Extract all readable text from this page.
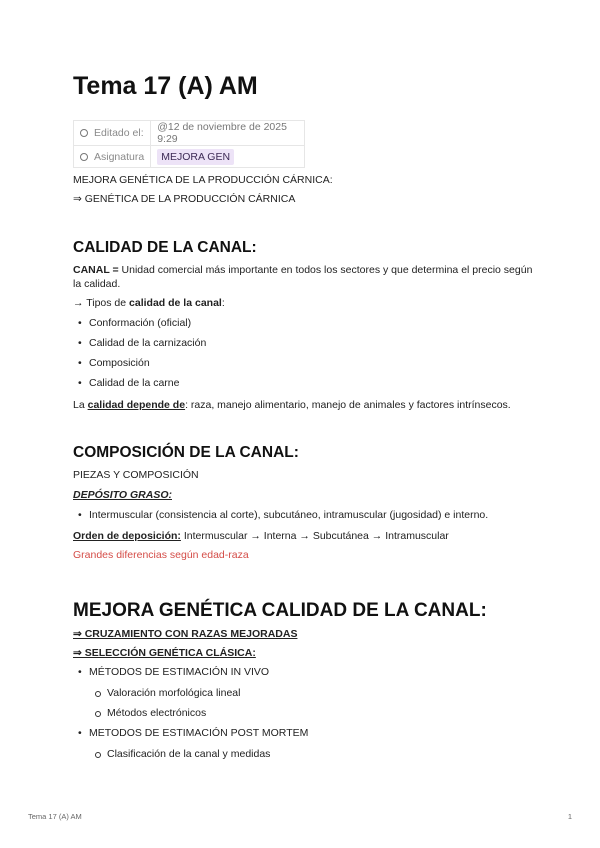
Tema 17 (A) AM
Editado el:	@12 de noviembre de 2025 9:29
Asignatura	MEJORA GEN
MEJORA GENÉTICA DE LA PRODUCCIÓN CÁRNICA:
⇒ GENÉTICA DE LA PRODUCCIÓN CÁRNICA
CALIDAD DE LA CANAL:
CANAL = Unidad comercial más importante en todos los sectores y que determina el precio según
la calidad.
→ Tipos de calidad de la canal:
• Conformación (oficial)
• Calidad de la carnización
• Composición
• Calidad de la carne
La calidad depende de: raza, manejo alimentario, manejo de animales y factores intrínsecos.
COMPOSICIÓN DE LA CANAL:
PIEZAS Y COMPOSICIÓN
DEPÓSITO GRASO:
• Intermuscular (consistencia al corte), subcutáneo, intramuscular (jugosidad) e interno.
Orden de deposición: Intermuscular → Interna → Subcutánea → Intramuscular
Grandes diferencias según edad-raza
MEJORA GENÉTICA CALIDAD DE LA CANAL:
⇒ CRUZAMIENTO CON RAZAS MEJORADAS
⇒ SELECCIÓN GENÉTICA CLÁSICA:
• MÉTODOS DE ESTIMACIÓN IN VIVO
Valoración morfológica lineal
Métodos electrónicos
• METODOS DE ESTIMACIÓN POST MORTEM
Clasificación de la canal y medidas
Tema 17 (A) AM	1
